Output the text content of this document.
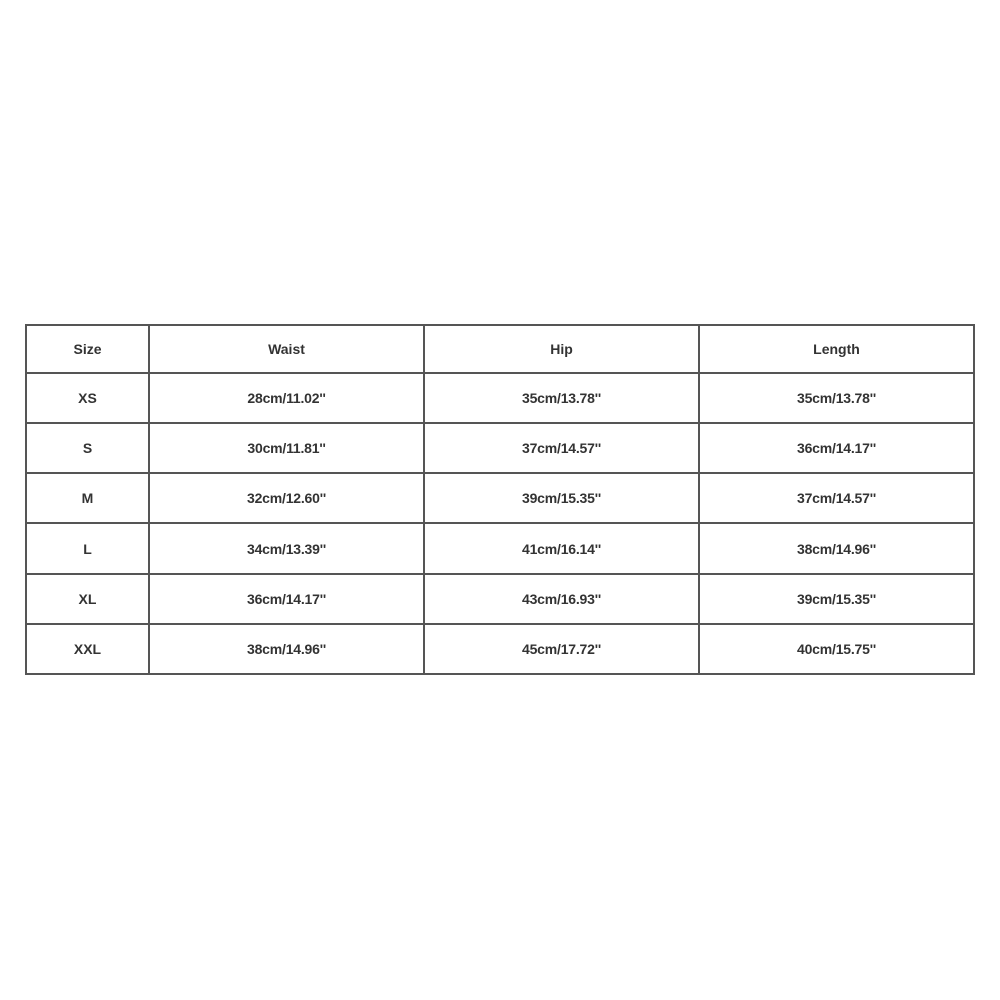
Size	Waist	Hip	Length
XS	28cm/11.02''	35cm/13.78''	35cm/13.78''
S	30cm/11.81''	37cm/14.57''	36cm/14.17''
M	32cm/12.60''	39cm/15.35''	37cm/14.57''
L	34cm/13.39''	41cm/16.14''	38cm/14.96''
XL	36cm/14.17''	43cm/16.93''	39cm/15.35''
XXL	38cm/14.96''	45cm/17.72''	40cm/15.75''
